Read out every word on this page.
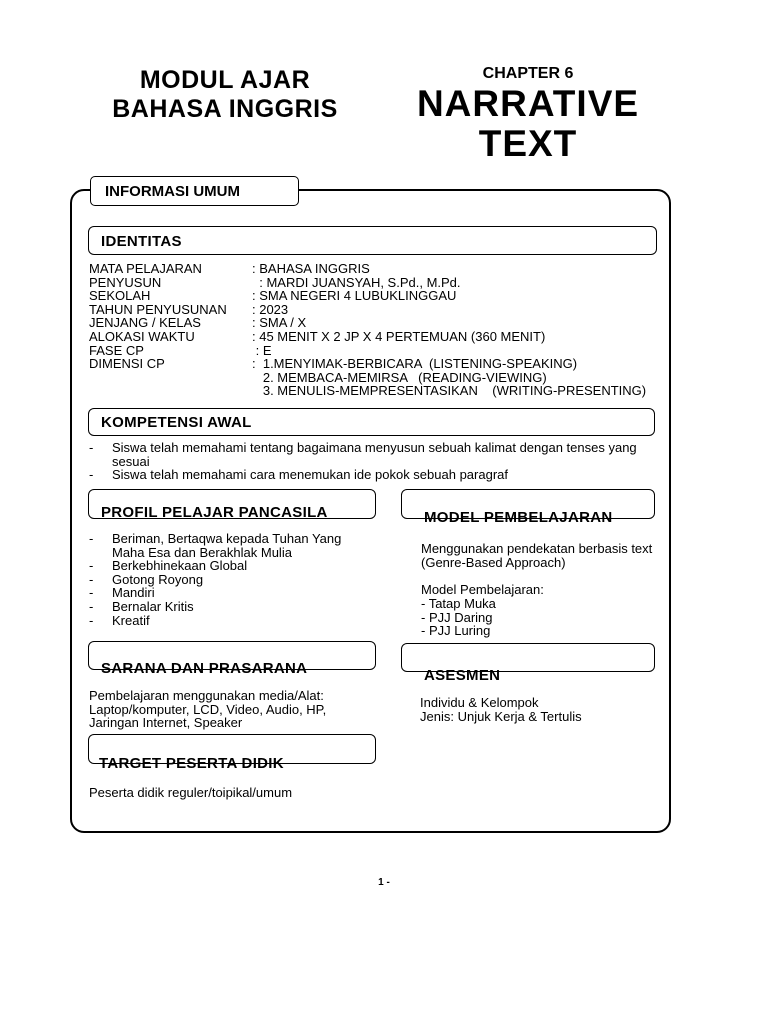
MODUL AJAR
BAHASA INGGRIS
CHAPTER 6
NARRATIVE
TEXT
INFORMASI UMUM
IDENTITAS
MATA PELAJARAN	: BAHASA INGGRIS
PENYUSUN	: MARDI JUANSYAH, S.Pd., M.Pd.
SEKOLAH	: SMA NEGERI 4 LUBUKLINGGAU
TAHUN PENYUSUNAN : 2023
JENJANG / KELAS	: SMA / X
ALOKASI WAKTU	: 45 MENIT X 2 JP X 4 PERTEMUAN (360 MENIT)
FASE CP	: E
DIMENSI CP	:  1.MENYIMAK-BERBICARA  (LISTENING-SPEAKING)
2. MEMBACA-MEMIRSA   (READING-VIEWING)
3. MENULIS-MEMPRESENTASIKAN    (WRITING-PRESENTING)
KOMPETENSI AWAL
- Siswa telah memahami tentang bagaimana menyusun sebuah kalimat dengan tenses yang sesuai
- Siswa telah memahami cara menemukan ide pokok sebuah paragraf
PROFIL PELAJAR PANCASILA
- Beriman, Bertaqwa kepada Tuhan Yang Maha Esa dan Berakhlak Mulia
- Berkebhinekaan Global
- Gotong Royong
- Mandiri
- Bernalar Kritis
- Kreatif
MODEL PEMBELAJARAN
Menggunakan pendekatan berbasis text (Genre-Based Approach)
Model Pembelajaran:
- Tatap Muka
- PJJ Daring
- PJJ Luring
SARANA DAN PRASARANA
Pembelajaran menggunakan media/Alat: Laptop/komputer, LCD, Video, Audio, HP, Jaringan Internet, Speaker
ASESMEN
Individu & Kelompok
Jenis: Unjuk Kerja & Tertulis
TARGET PESERTA DIDIK
Peserta didik reguler/toipikal/umum
1 -
